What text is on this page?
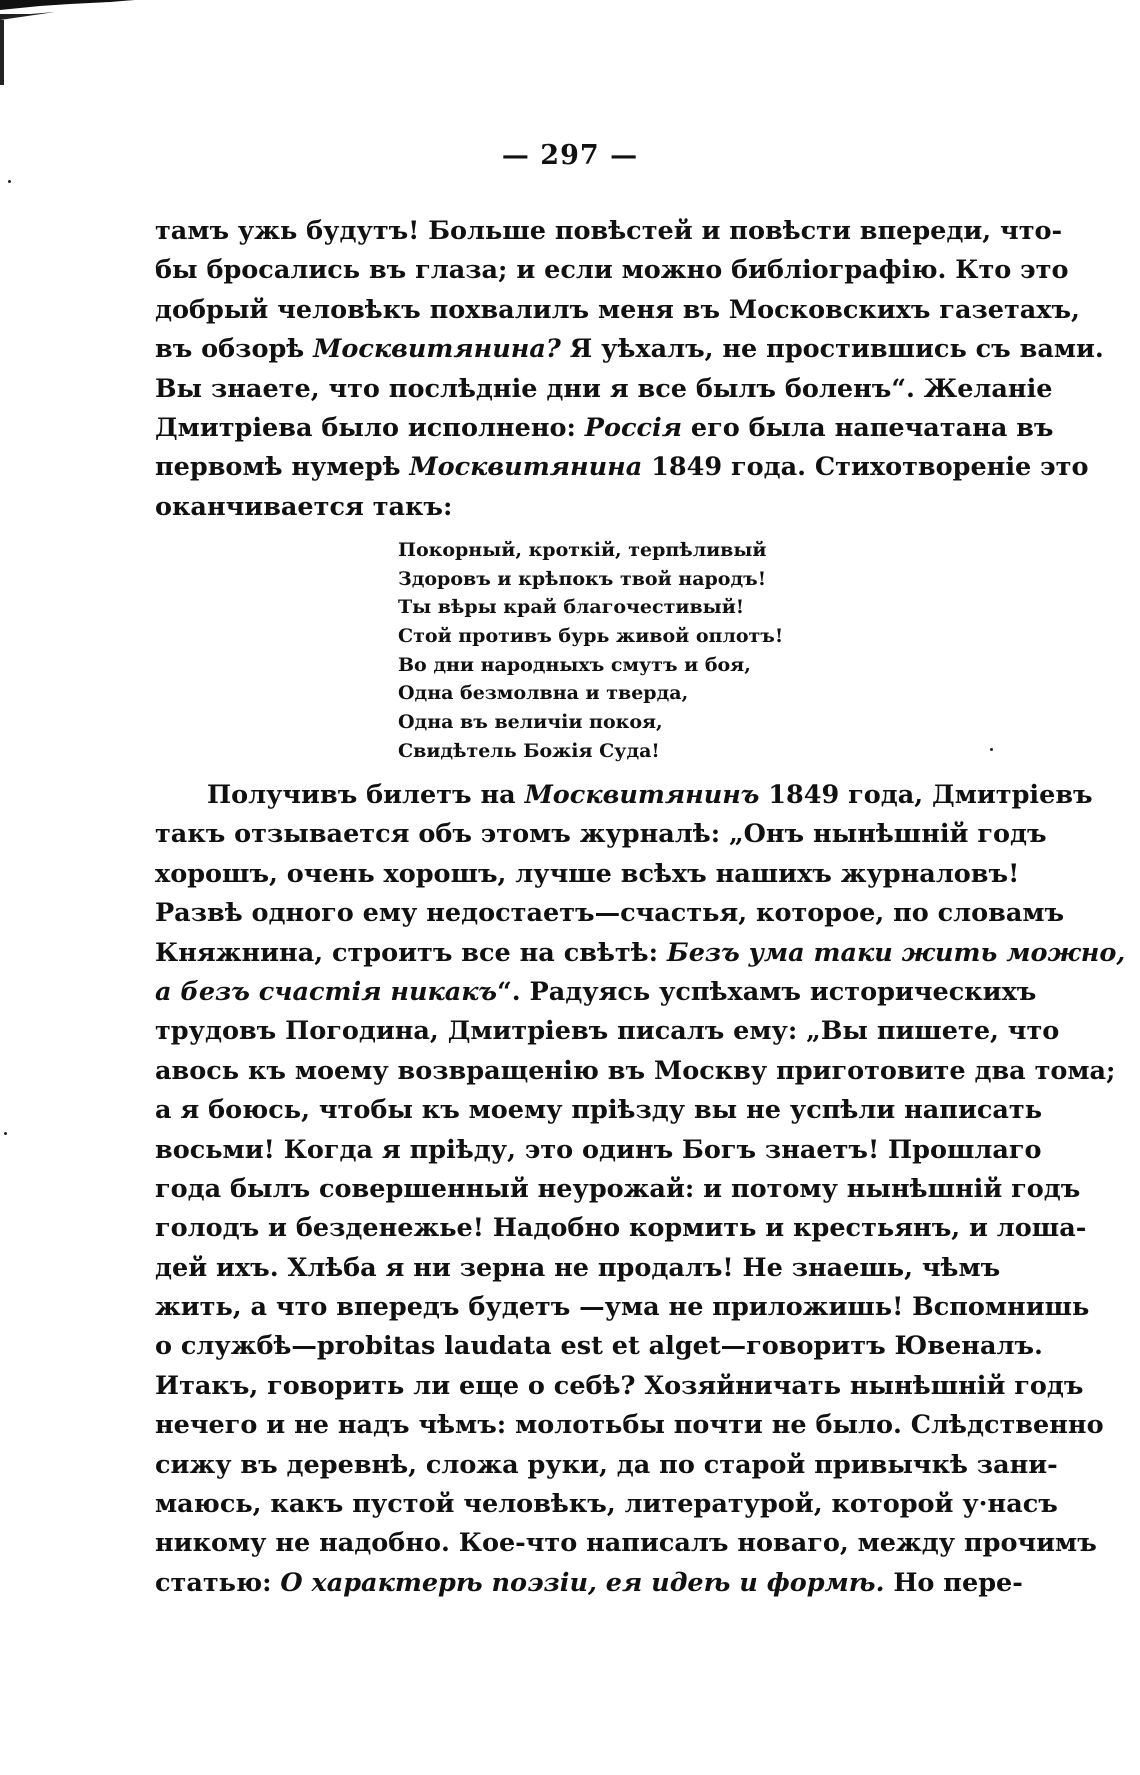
— 297 —
тамъ ужь будутъ! Больше повѣстей и повѣсти впереди, что-
бы бросались въ глаза; и если можно библіографію. Кто это
добрый человѣкъ похвалилъ меня въ Московскихъ газетахъ,
въ обзорѣ Москвитянина? Я уѣхалъ, не простившись съ вами.
Вы знаете, что послѣдніе дни я все былъ боленъ“. Желаніе
Дмитріева было исполнено: Россія его была напечатана въ
первомѣ нумерѣ Москвитянина 1849 года. Стихотвореніе это
оканчивается такъ:
Покорный, кроткій, терпѣливый
Здоровъ и крѣпокъ твой народъ!
Ты вѣры край благочестивый!
Стой противъ бурь живой оплотъ!
Во дни народныхъ смутъ и боя,
Одна безмолвна и тверда,
Одна въ величіи покоя,
Свидѣтель Божія Суда!
Получивъ билетъ на Москвитянинъ 1849 года, Дмитріевъ
такъ отзывается объ этомъ журналѣ: „Онъ нынѣшній годъ
хорошъ, очень хорошъ, лучше всѣхъ нашихъ журналовъ!
Развѣ одного ему недостаетъ—счастья, которое, по словамъ
Княжнина, строитъ все на свѣтѣ: Безъ ума таки жить можно,
а безъ счастія никакъ“. Радуясь успѣхамъ историческихъ
трудовъ Погодина, Дмитріевъ писалъ ему: „Вы пишете, что
авось къ моему возвращенію въ Москву приготовите два тома;
а я боюсь, чтобы къ моему пріѣзду вы не успѣли написать
восьми! Когда я пріѣду, это одинъ Богъ знаетъ! Прошлаго
года былъ совершенный неурожай: и потому нынѣшній годъ
голодъ и безденежье! Надобно кормить и крестьянъ, и лоша-
дей ихъ. Хлѣба я ни зерна не продалъ! Не знаешь, чѣмъ
жить, а что впередъ будетъ —ума не приложишь! Вспомнишь
о службѣ—probitas laudata est et alget—говоритъ Ювеналъ.
Итакъ, говорить ли еще о себѣ? Хозяйничать нынѣшній годъ
нечего и не надъ чѣмъ: молотьбы почти не было. Слѣдственно
сижу въ деревнѣ, сложа руки, да по старой привычкѣ зани-
маюсь, какъ пустой человѣкъ, литературой, которой у·насъ
никому не надобно. Кое-что написалъ новаго, между прочимъ
статью: О характерѣ поэзіи, ея идеѣ и формѣ. Но пере-
